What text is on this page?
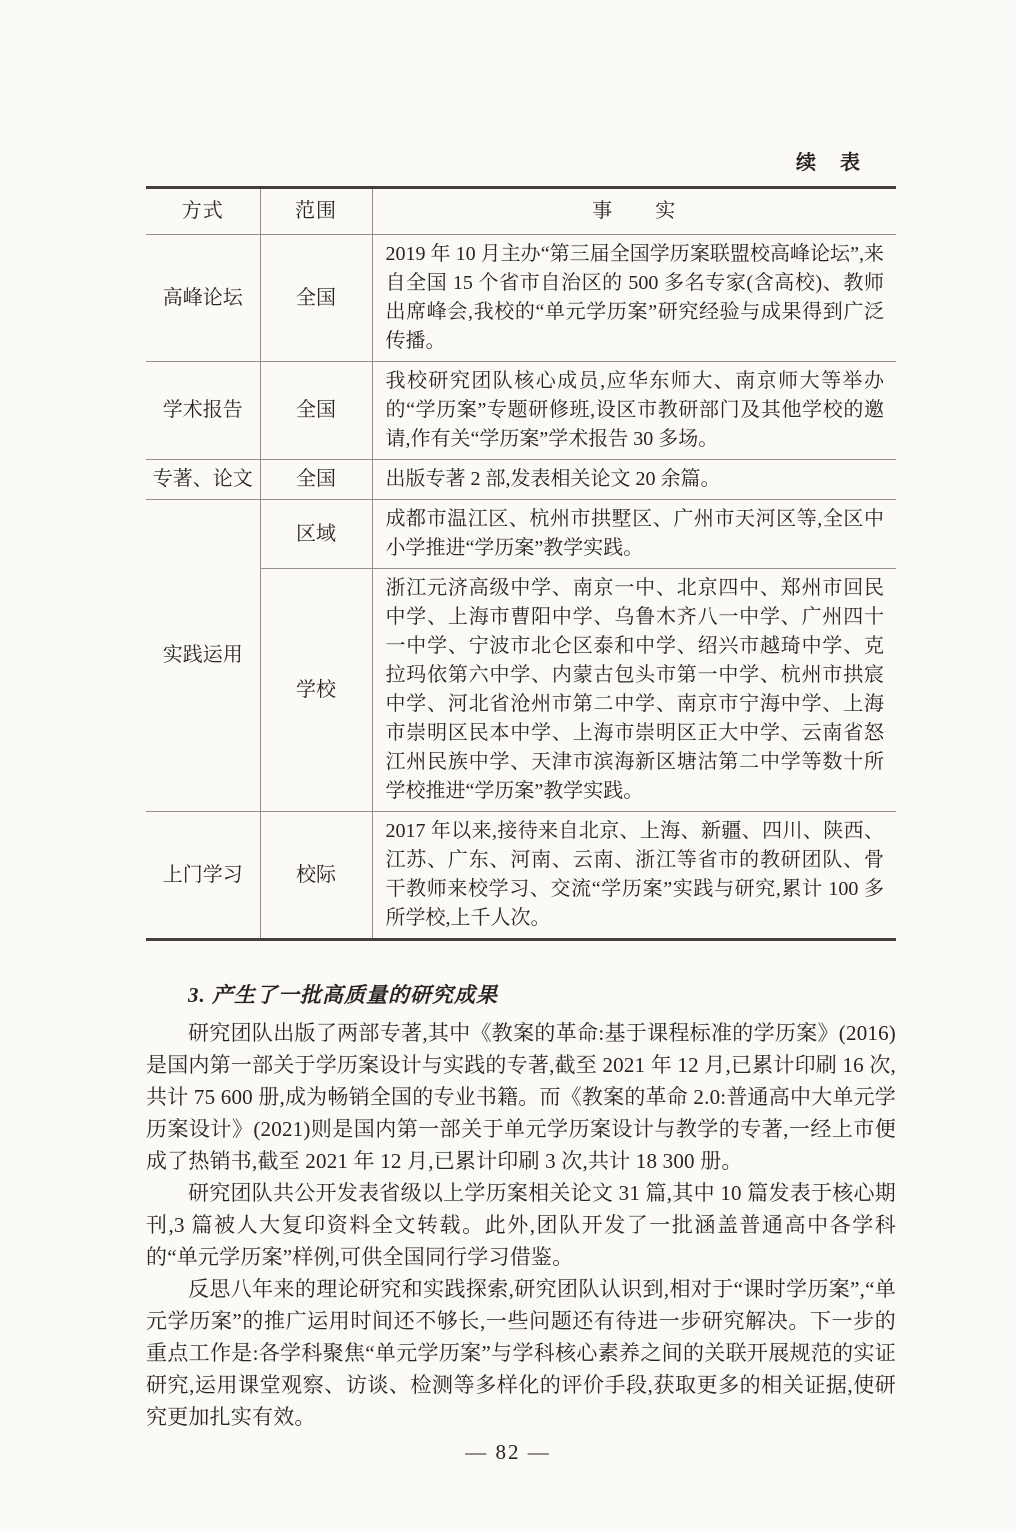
续　表
方式	范围	事　　实
高峰论坛	全国	2019 年 10 月主办“第三届全国学历案联盟校高峰论坛”,来自全国 15 个省市自治区的 500 多名专家(含高校)、教师出席峰会,我校的“单元学历案”研究经验与成果得到广泛传播。
学术报告	全国	我校研究团队核心成员,应华东师大、南京师大等举办的“学历案”专题研修班,设区市教研部门及其他学校的邀请,作有关“学历案”学术报告 30 多场。
专著、论文	全国	出版专著 2 部,发表相关论文 20 余篇。
实践运用	区域	成都市温江区、杭州市拱墅区、广州市天河区等,全区中小学推进“学历案”教学实践。
	学校	浙江元济高级中学、南京一中、北京四中、郑州市回民中学、上海市曹阳中学、乌鲁木齐八一中学、广州四十一中学、宁波市北仑区泰和中学、绍兴市越琦中学、克拉玛依第六中学、内蒙古包头市第一中学、杭州市拱宸中学、河北省沧州市第二中学、南京市宁海中学、上海市崇明区民本中学、上海市崇明区正大中学、云南省怒江州民族中学、天津市滨海新区塘沽第二中学等数十所学校推进“学历案”教学实践。
上门学习	校际	2017 年以来,接待来自北京、上海、新疆、四川、陕西、江苏、广东、河南、云南、浙江等省市的教研团队、骨干教师来校学习、交流“学历案”实践与研究,累计 100 多所学校,上千人次。

3. 产生了一批高质量的研究成果

研究团队出版了两部专著,其中《教案的革命:基于课程标准的学历案》(2016)是国内第一部关于学历案设计与实践的专著,截至 2021 年 12 月,已累计印刷 16 次,共计 75 600 册,成为畅销全国的专业书籍。而《教案的革命 2.0:普通高中大单元学历案设计》(2021)则是国内第一部关于单元学历案设计与教学的专著,一经上市便成了热销书,截至 2021 年 12 月,已累计印刷 3 次,共计 18 300 册。

研究团队共公开发表省级以上学历案相关论文 31 篇,其中 10 篇发表于核心期刊,3 篇被人大复印资料全文转载。此外,团队开发了一批涵盖普通高中各学科的“单元学历案”样例,可供全国同行学习借鉴。

反思八年来的理论研究和实践探索,研究团队认识到,相对于“课时学历案”,“单元学历案”的推广运用时间还不够长,一些问题还有待进一步研究解决。下一步的重点工作是:各学科聚焦“单元学历案”与学科核心素养之间的关联开展规范的实证研究,运用课堂观察、访谈、检测等多样化的评价手段,获取更多的相关证据,使研究更加扎实有效。

— 82 —
